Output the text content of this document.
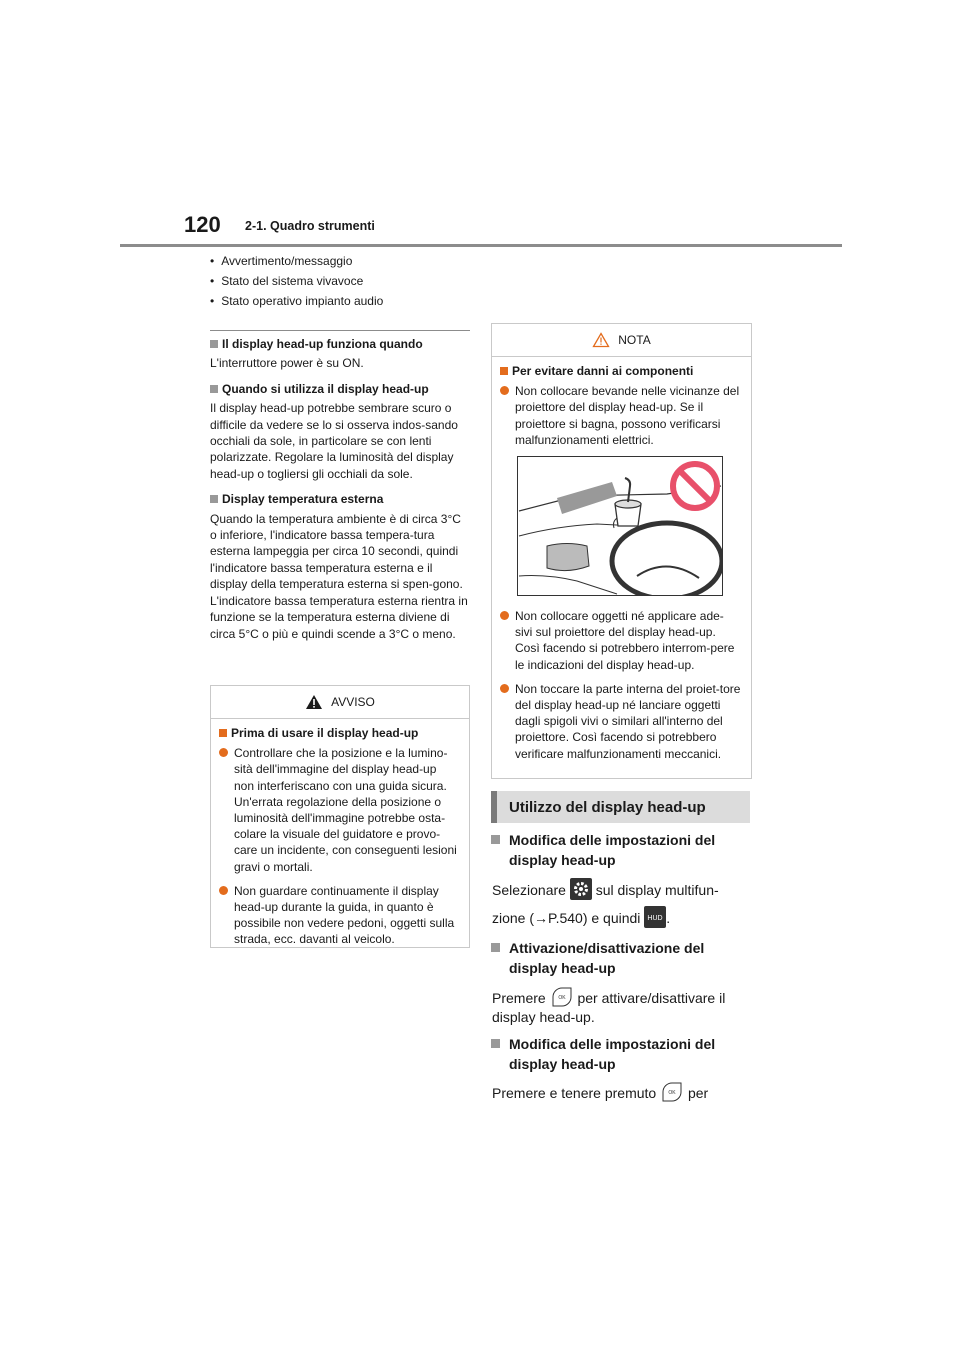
120 2-1. Quadro strumenti
• Avvertimento/messaggio
• Stato del sistema vivavoce
• Stato operativo impianto audio
Il display head-up funziona quando

L'interruttore power è su ON.

Quando si utilizza il display head-up

Il display head-up potrebbe sembrare scuro o difficile da vedere se lo si osserva indos-sando occhiali da sole, in particolare se con lenti polarizzate. Regolare la luminosità del display head-up o togliersi gli occhiali da sole.

Display temperatura esterna

Quando la temperatura ambiente è di circa 3°C o inferiore, l'indicatore bassa tempera-tura esterna lampeggia per circa 10 secondi, quindi l'indicatore bassa temperatura esterna e il display della temperatura esterna si spen-gono. L'indicatore bassa temperatura esterna rientra in funzione se la temperatura esterna diviene di circa 5°C o più e quindi scende a 3°C o meno.

AVVISO
Prima di usare il display head-up
Controllare che la posizione e la lumino-sità dell'immagine del display head-up non interferiscano con una guida sicura. Un'errata regolazione della posizione o luminosità dell'immagine potrebbe osta-colare la visuale del guidatore e provo-care un incidente, con conseguenti lesioni gravi o mortali.
Non guardare continuamente il display head-up durante la guida, in quanto è possibile non vedere pedoni, oggetti sulla strada, ecc. davanti al veicolo.
NOTA
Per evitare danni ai componenti
Non collocare bevande nelle vicinanze del proiettore del display head-up. Se il proiettore si bagna, possono verificarsi malfunzionamenti elettrici.
Non collocare oggetti né applicare ade-sivi sul proiettore del display head-up. Così facendo si potrebbero interrom-pere le indicazioni del display head-up.
Non toccare la parte interna del proiet-tore del display head-up né lanciare oggetti dagli spigoli vivi o similari all'interno del proiettore. Così facendo si potrebbero verificare malfunzionamenti meccanici.
Utilizzo del display head-up
Modifica delle impostazioni del display head-up
Selezionare sul display multifun-
zione (→P.540) e quindi HUD .
Attivazione/disattivazione del display head-up
Premere OK per attivare/disattivare il
display head-up.
Modifica delle impostazioni del display head-up
Premere e tenere premuto OK per
